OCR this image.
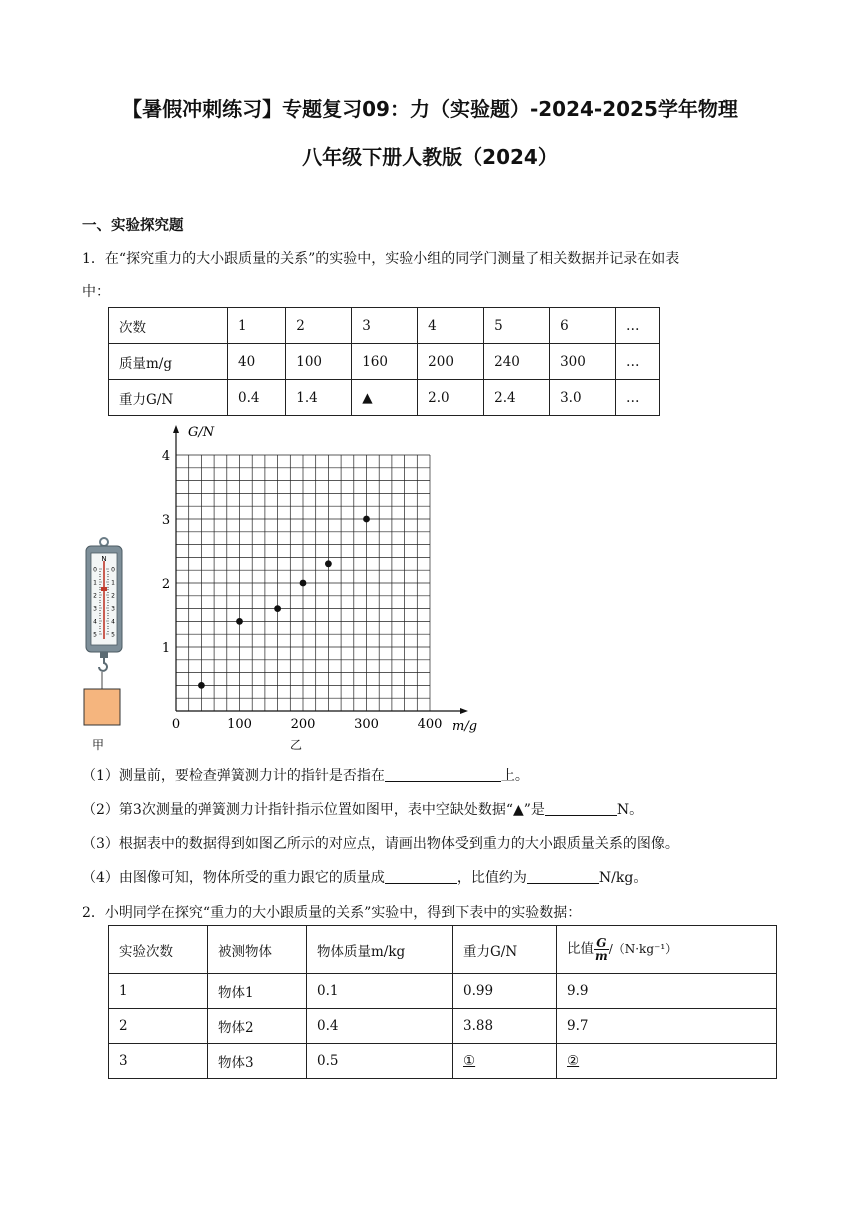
【暑假冲刺练习】专题复习09：力（实验题）-2024-2025学年物理
八年级下册人教版（2024）
一、实验探究题
1．在“探究重力的大小跟质量的关系”的实验中，实验小组的同学门测量了相关数据并记录在如表
中：
次数	1	2	3	4	5	6	…
质量m/g	40	100	160	200	240	300	…
重力G/N	0.4	1.4	▲	2.0	2.4	3.0	…
N
0 0
1 1
2 2
3 3
4 4
5 5
甲
0	100	200	300	400
1
2
3
4
G/N
m/g
乙
（1）测量前，要检查弹簧测力计的指针是否指在	上。
（2）第3次测量的弹簧测力计指针指示位置如图甲，表中空缺处数据“▲”是	N。
（3）根据表中的数据得到如图乙所示的对应点，请画出物体受到重力的大小跟质量关系的图像。
（4）由图像可知，物体所受的重力跟它的质量成	，比值约为	N/kg。
2．小明同学在探究“重力的大小跟质量的关系”实验中，得到下表中的实验数据：
实验次数	被测物体	物体质量m/kg	重力G/N	比值 $\frac{G}{m} /(N\cdot kg^{-1})$
1	物体1	0.1	0.99	9.9
2	物体2	0.4	3.88	9.7
3	物体3	0.5	①	②
